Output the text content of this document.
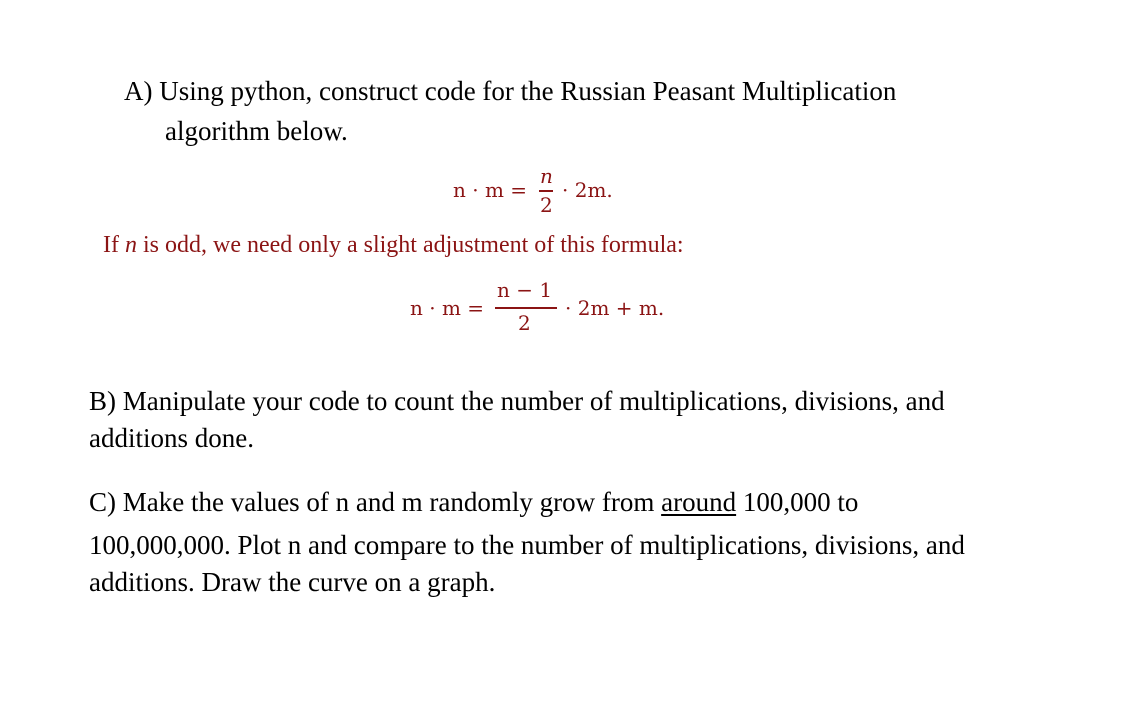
A) Using python, construct code for the Russian Peasant Multiplication
algorithm below.
n · m =
n
2
· 2m.
If n is odd, we need only a slight adjustment of this formula:
n · m =
n − 1
2
· 2m + m.
B) Manipulate your code to count the number of multiplications, divisions, and
additions done.
C) Make the values of n and m randomly grow from around 100,000 to
100,000,000. Plot n and compare to the number of multiplications, divisions, and
additions. Draw the curve on a graph.
